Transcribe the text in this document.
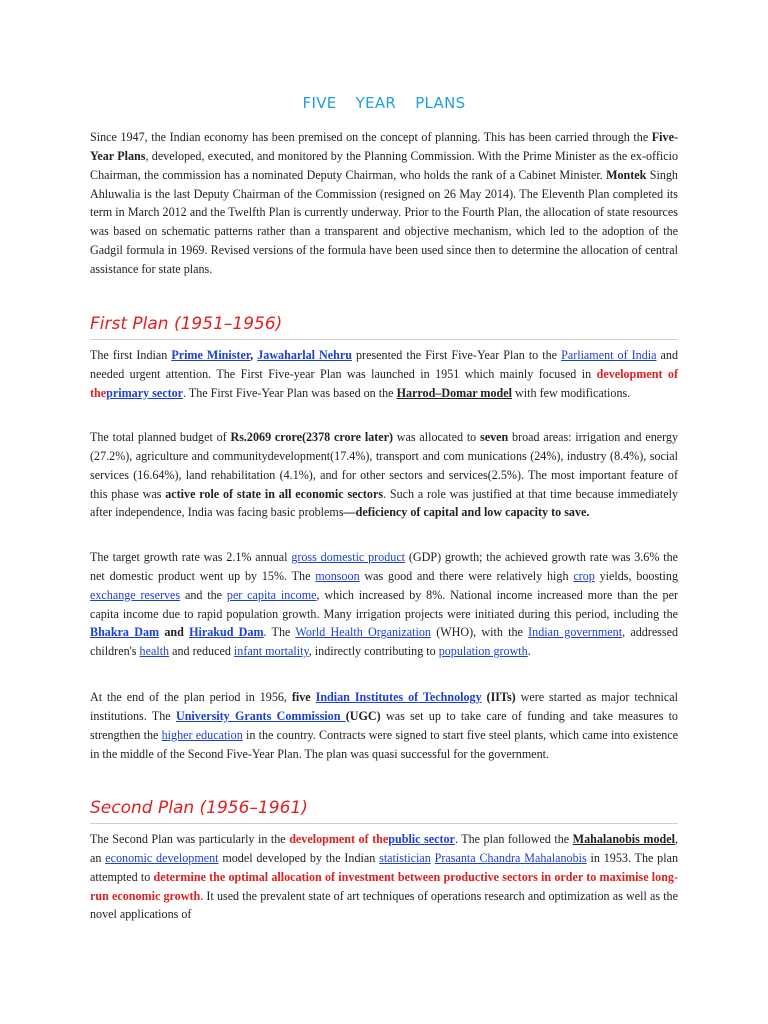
FIVE YEAR PLANS

Since 1947, the Indian economy has been premised on the concept of planning. This has been carried through the Five-Year Plans, developed, executed, and monitored by the Planning Commission. With the Prime Minister as the ex-officio Chairman, the commission has a nominated Deputy Chairman, who holds the rank of a Cabinet Minister. Montek Singh Ahluwalia is the last Deputy Chairman of the Commission (resigned on 26 May 2014). The Eleventh Plan completed its term in March 2012 and the Twelfth Plan is currently underway. Prior to the Fourth Plan, the allocation of state resources was based on schematic patterns rather than a transparent and objective mechanism, which led to the adoption of the Gadgil formula in 1969. Revised versions of the formula have been used since then to determine the allocation of central assistance for state plans.

First Plan (1951–1956)

The first Indian Prime Minister, Jawaharlal Nehru presented the First Five-Year Plan to the Parliament of India and needed urgent attention. The First Five-year Plan was launched in 1951 which mainly focused in development of theprimary sector. The First Five-Year Plan was based on the Harrod–Domar model with few modifications.

The total planned budget of Rs.2069 crore(2378 crore later) was allocated to seven broad areas: irrigation and energy (27.2%), agriculture and communitydevelopment(17.4%), transport and com munications (24%), industry (8.4%), social services (16.64%), land rehabilitation (4.1%), and for other sectors and services(2.5%). The most important feature of this phase was active role of state in all economic sectors. Such a role was justified at that time because immediately after independence, India was facing basic problems—deficiency of capital and low capacity to save.

The target growth rate was 2.1% annual gross domestic product (GDP) growth; the achieved growth rate was 3.6% the net domestic product went up by 15%. The monsoon was good and there were relatively high crop yields, boosting exchange reserves and the per capita income, which increased by 8%. National income increased more than the per capita income due to rapid population growth. Many irrigation projects were initiated during this period, including the Bhakra Dam and Hirakud Dam. The World Health Organization (WHO), with the Indian government, addressed children's health and reduced infant mortality, indirectly contributing to population growth.

At the end of the plan period in 1956, five Indian Institutes of Technology (IITs) were started as major technical institutions. The University Grants Commission (UGC) was set up to take care of funding and take measures to strengthen the higher education in the country. Contracts were signed to start five steel plants, which came into existence in the middle of the Second Five-Year Plan. The plan was quasi successful for the government.

Second Plan (1956–1961)

The Second Plan was particularly in the development of thepublic sector. The plan followed the Mahalanobis model, an economic development model developed by the Indian statistician Prasanta Chandra Mahalanobis in 1953. The plan attempted to determine the optimal allocation of investment between productive sectors in order to maximise long-run economic growth. It used the prevalent state of art techniques of operations research and optimization as well as the novel applications of
